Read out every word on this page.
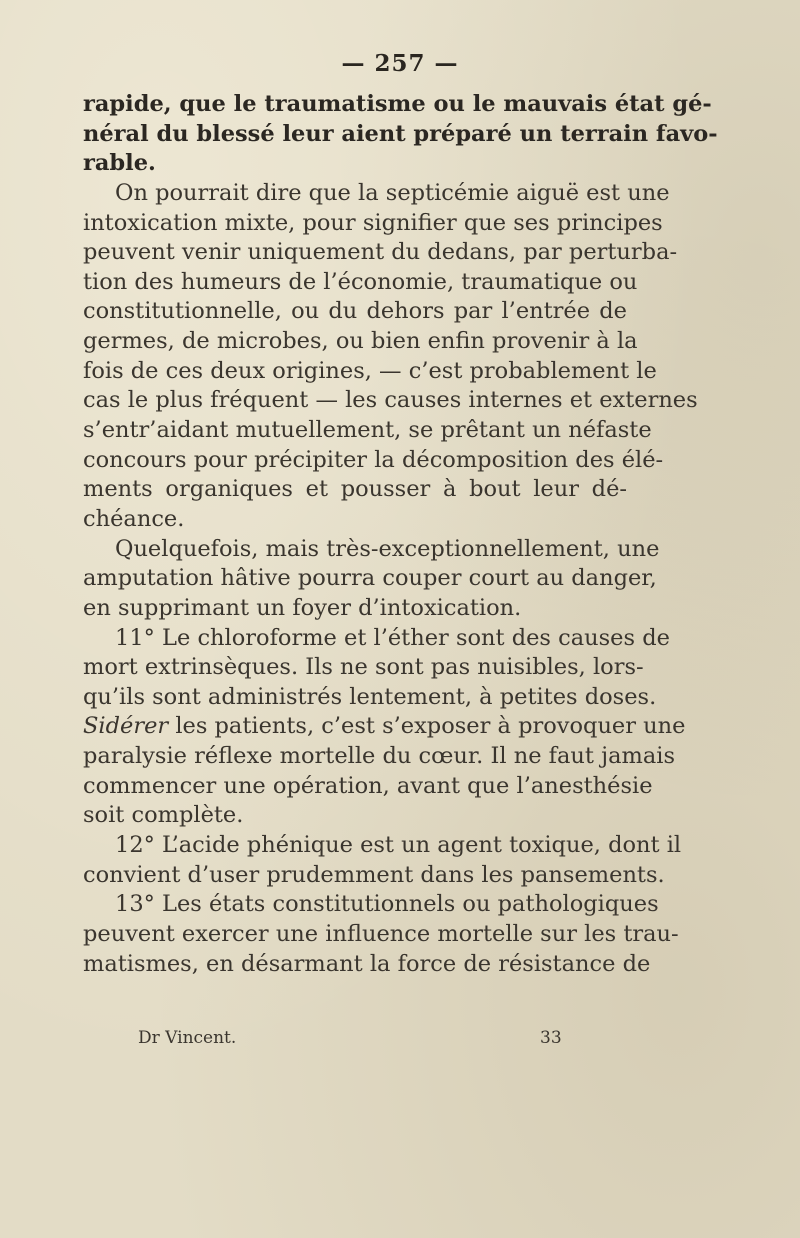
— 257 —
rapide, que le traumatisme ou le mauvais état gé-
néral du blessé leur aient préparé un terrain favo-
rable.
On pourrait dire que la septicémie aiguë est une
intoxication mixte, pour signifier que ses principes
peuvent venir uniquement du dedans, par perturba-
tion des humeurs de l’économie, traumatique ou
constitutionnelle, ou du dehors par l’entrée de
germes, de microbes, ou bien enfin provenir à la
fois de ces deux origines, — c’est probablement le
cas le plus fréquent — les causes internes et externes
s’entr’aidant mutuellement, se prêtant un néfaste
concours pour précipiter la décomposition des élé-
ments organiques et pousser à bout leur dé-
chéance.
Quelquefois, mais très-exceptionnellement, une
amputation hâtive pourra couper court au danger,
en supprimant un foyer d’intoxication.
11° Le chloroforme et l’éther sont des causes de
mort extrinsèques. Ils ne sont pas nuisibles, lors-
qu’ils sont administrés lentement, à petites doses.
Sidérer les patients, c’est s’exposer à provoquer une
paralysie réflexe mortelle du cœur. Il ne faut jamais
commencer une opération, avant que l’anesthésie
soit complète.
12° L’acide phénique est un agent toxique, dont il
convient d’user prudemment dans les pansements.
13° Les états constitutionnels ou pathologiques
peuvent exercer une influence mortelle sur les trau-
matismes, en désarmant la force de résistance de
Dr Vincent.	33
